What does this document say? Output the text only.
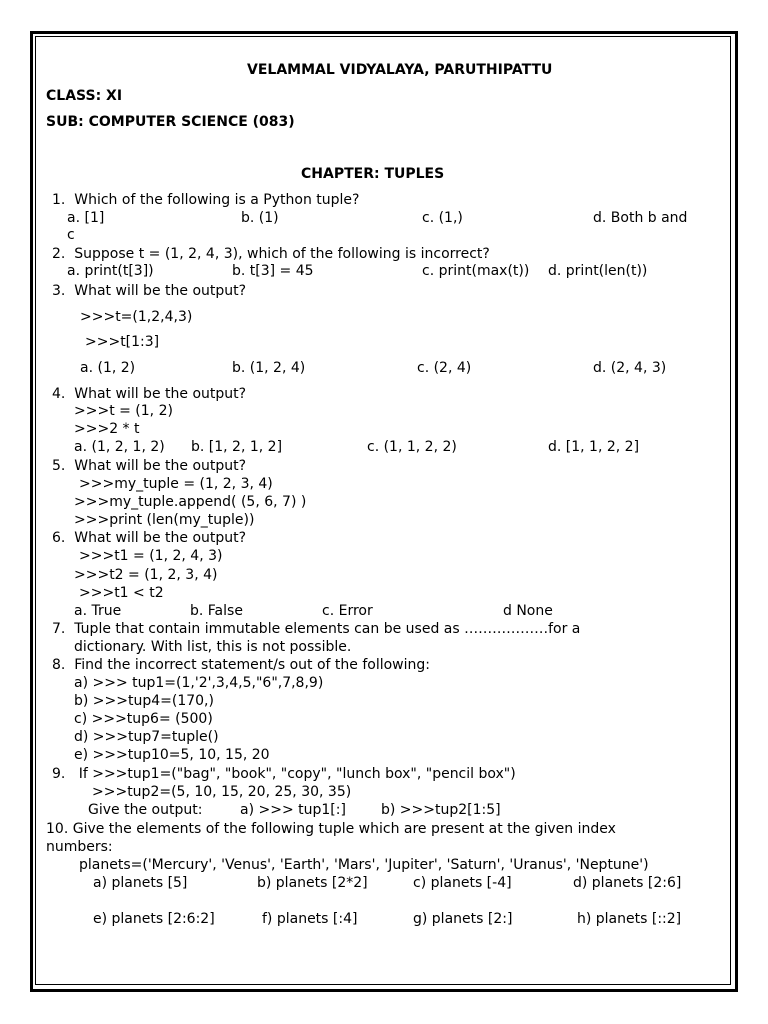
VELAMMAL VIDYALAYA, PARUTHIPATTU
CLASS: XI
SUB: COMPUTER SCIENCE (083)
CHAPTER: TUPLES
1.  Which of the following is a Python tuple?
a. [1]	b. (1)	c. (1,)	d. Both b and
c
2.  Suppose t = (1, 2, 4, 3), which of the following is incorrect?
a. print(t[3])	b. t[3] = 45	c. print(max(t)) d. print(len(t))
3.  What will be the output?
>>>t=(1,2,4,3)
>>>t[1:3]
a. (1, 2)	b. (1, 2, 4)	c. (2, 4)	d. (2, 4, 3)
4.  What will be the output?
>>>t = (1, 2)
>>>2 * t
a. (1, 2, 1, 2) b. [1, 2, 1, 2]	c. (1, 1, 2, 2)	d. [1, 1, 2, 2]
5.  What will be the output?
>>>my_tuple = (1, 2, 3, 4)
>>>my_tuple.append( (5, 6, 7) )
>>>print (len(my_tuple))
6.  What will be the output?
>>>t1 = (1, 2, 4, 3)
>>>t2 = (1, 2, 3, 4)
>>>t1 < t2
a. True	b. False	c. Error	d None
7.  Tuple that contain immutable elements can be used as ………………for a
dictionary. With list, this is not possible.
8.  Find the incorrect statement/s out of the following:
a) >>> tup1=(1,'2',3,4,5,"6",7,8,9)
b) >>>tup4=(170,)
c) >>>tup6= (500)
d) >>>tup7=tuple()
e) >>>tup10=5, 10, 15, 20
9.   If >>>tup1=("bag", "book", "copy", "lunch box", "pencil box")
>>>tup2=(5, 10, 15, 20, 25, 30, 35)
Give the output:	a) >>> tup1[:]	b) >>>tup2[1:5]
10. Give the elements of the following tuple which are present at the given index
numbers:
planets=('Mercury', 'Venus', 'Earth', 'Mars', 'Jupiter', 'Saturn', 'Uranus', 'Neptune')
a) planets [5]	b) planets [2*2]	c) planets [-4]	d) planets [2:6]
e) planets [2:6:2]	f) planets [:4]	g) planets [2:]	h) planets [::2]
